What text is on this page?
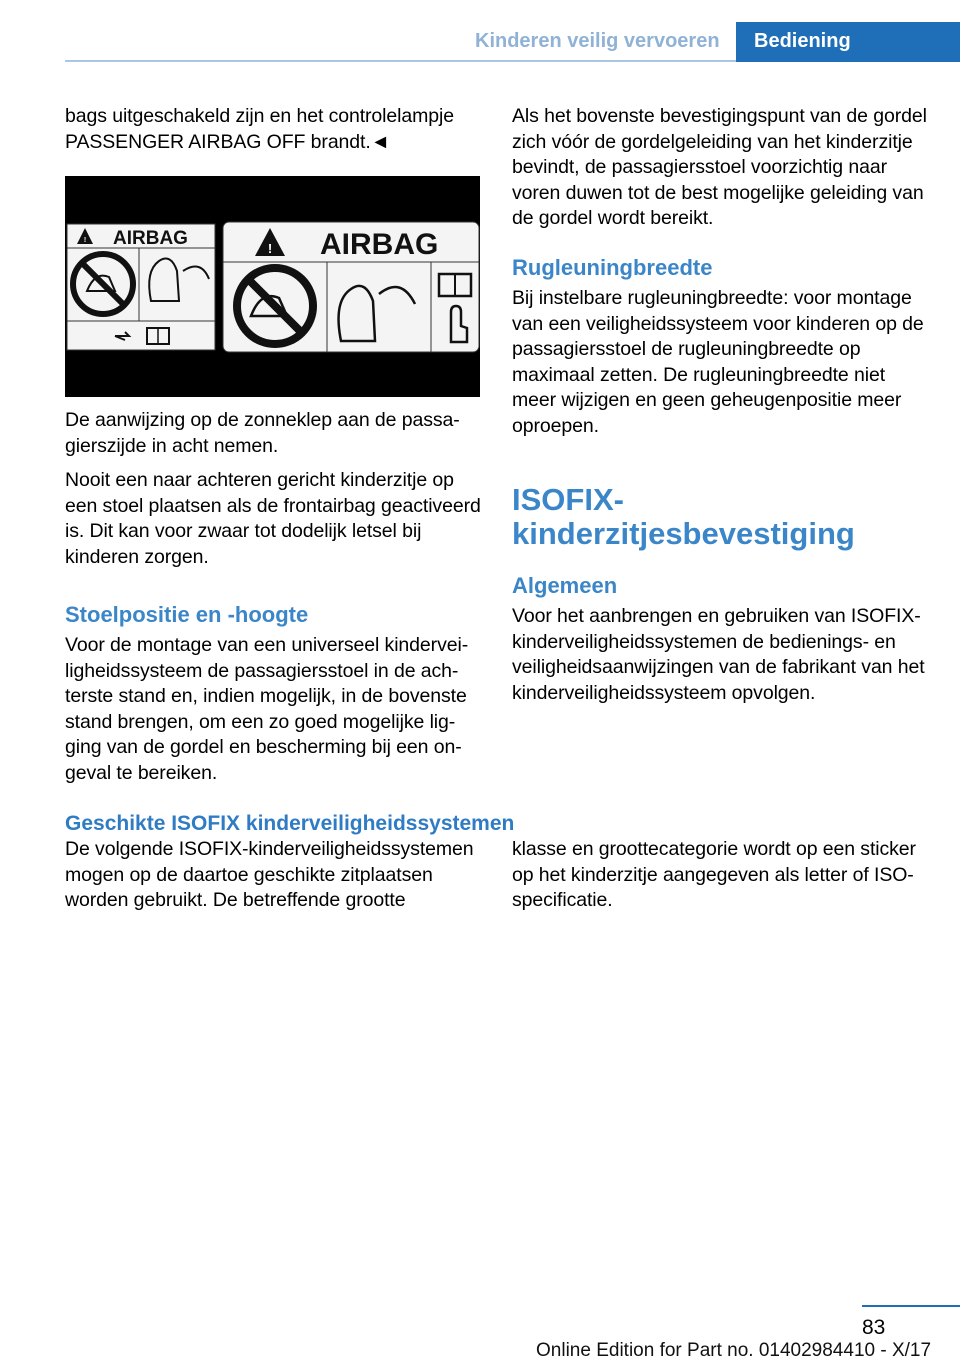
Kinderen veilig vervoeren Bediening

bags uitgeschakeld zijn en het controlelampje PASSENGER AIRBAG OFF brandt.◄

! AIRBAG	! AIRBAG

De aanwijzing op de zonneklep aan de passagierszijde in acht nemen.

Nooit een naar achteren gericht kinderzitje op een stoel plaatsen als de frontairbag geactiveerd is. Dit kan voor zwaar tot dodelijk letsel bij kinderen zorgen.

Stoelpositie en -hoogte

Voor de montage van een universeel kinderveiligheidssysteem de passagiersstoel in de achterste stand en, indien mogelijk, in de bovenste stand brengen, om een zo goed mogelijke ligging van de gordel en bescherming bij een ongeval te bereiken.

Als het bovenste bevestigingspunt van de gordel zich vóór de gordelgeleiding van het kinderzitje bevindt, de passagiersstoel voorzichtig naar voren duwen tot de best mogelijke geleiding van de gordel wordt bereikt.

Rugleuningbreedte

Bij instelbare rugleuningbreedte: voor montage van een veiligheidssysteem voor kinderen op de passagiersstoel de rugleuningbreedte op maximaal zetten. De rugleuningbreedte niet meer wijzigen en geen geheugenpositie meer oproepen.

ISOFIX-
kinderzitjesbevestiging
Algemeen

Voor het aanbrengen en gebruiken van ISOFIX-kinderveiligheidssystemen de bedienings- en veiligheidsaanwijzingen van de fabrikant van het kinderveiligheidssysteem opvolgen.

Geschikte ISOFIX kinderveiligheidssystemen

De volgende ISOFIX-kinderveiligheidssystemen mogen op de daartoe geschikte zitplaatsen worden gebruikt. De betreffende grootte

klasse en groottecategorie wordt op een sticker op het kinderzitje aangegeven als letter of ISO-specificatie.

83
Online Edition for Part no. 01402984410 - X/17
